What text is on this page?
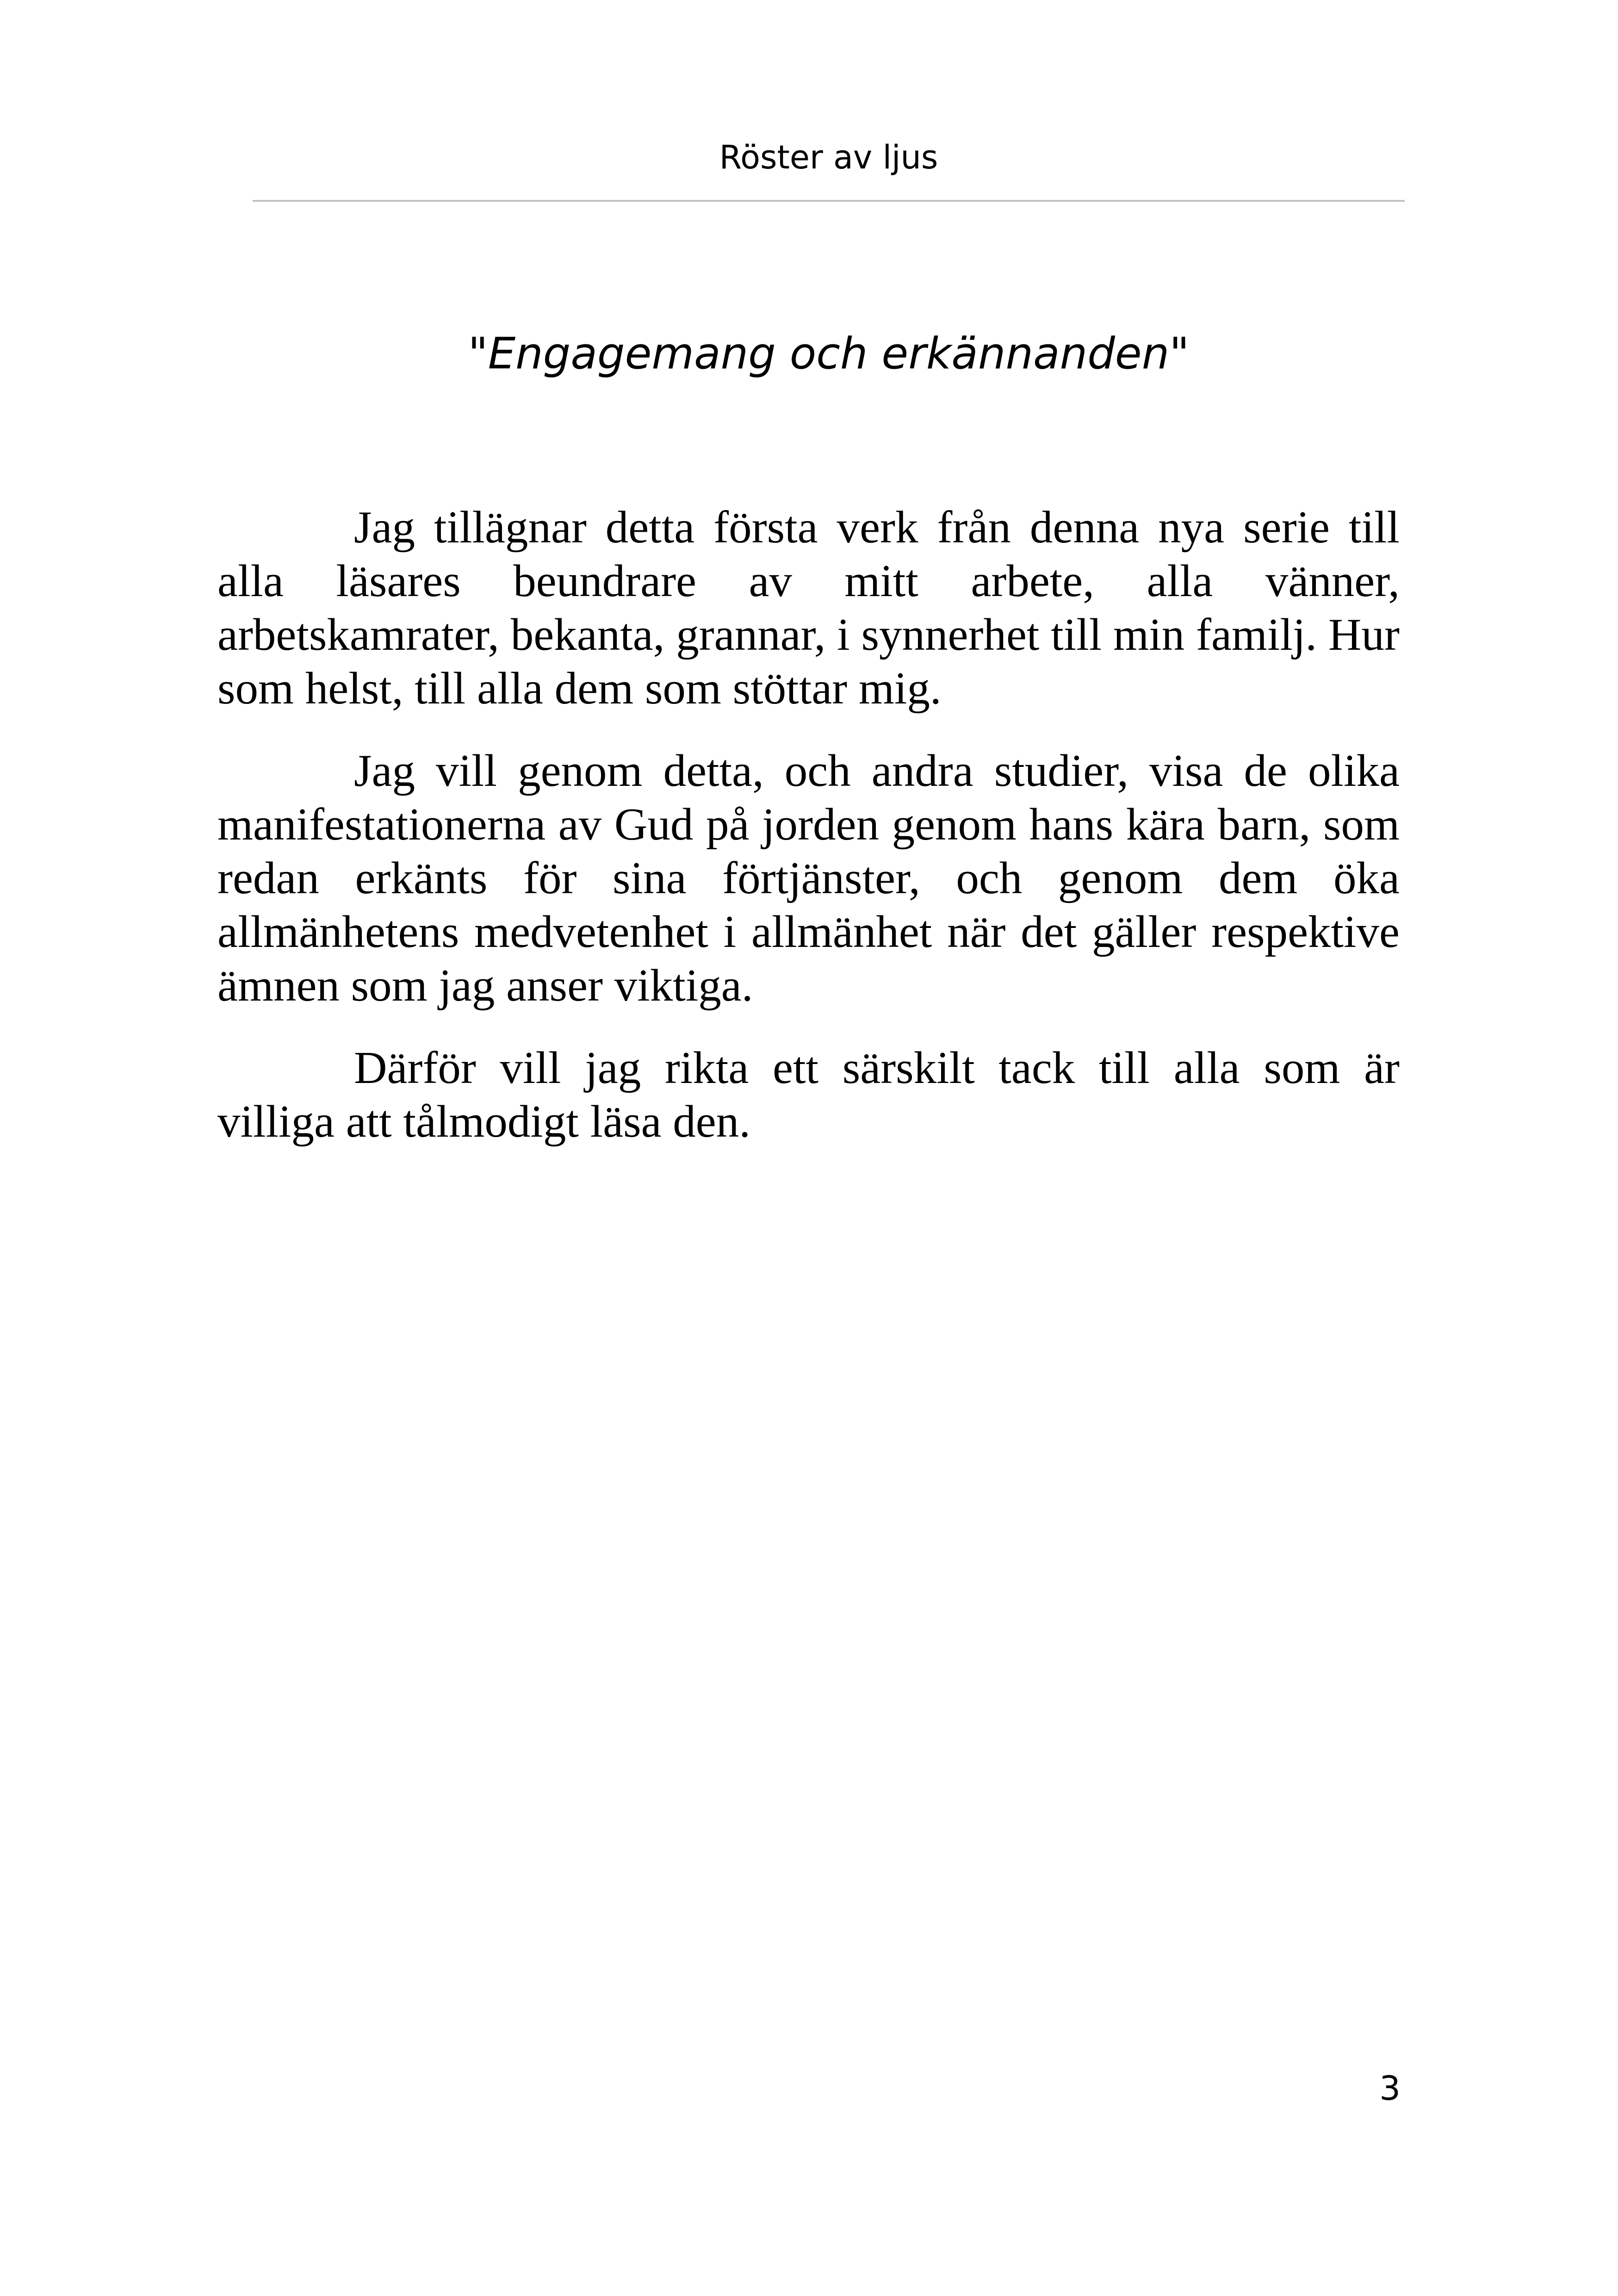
Röster av ljus
"Engagemang och erkännanden"

Jag tillägnar detta första verk från denna nya serie till alla läsares beundrare av mitt arbete, alla vänner, arbetskamrater, bekanta, grannar, i synnerhet till min familj. Hur som helst, till alla dem som stöttar mig.

Jag vill genom detta, och andra studier, visa de olika manifestationerna av Gud på jorden genom hans kära barn, som redan erkänts för sina förtjänster, och genom dem öka allmänhetens medvetenhet i allmänhet när det gäller respektive ämnen som jag anser viktiga.

Därför vill jag rikta ett särskilt tack till alla som är villiga att tålmodigt läsa den.

3
